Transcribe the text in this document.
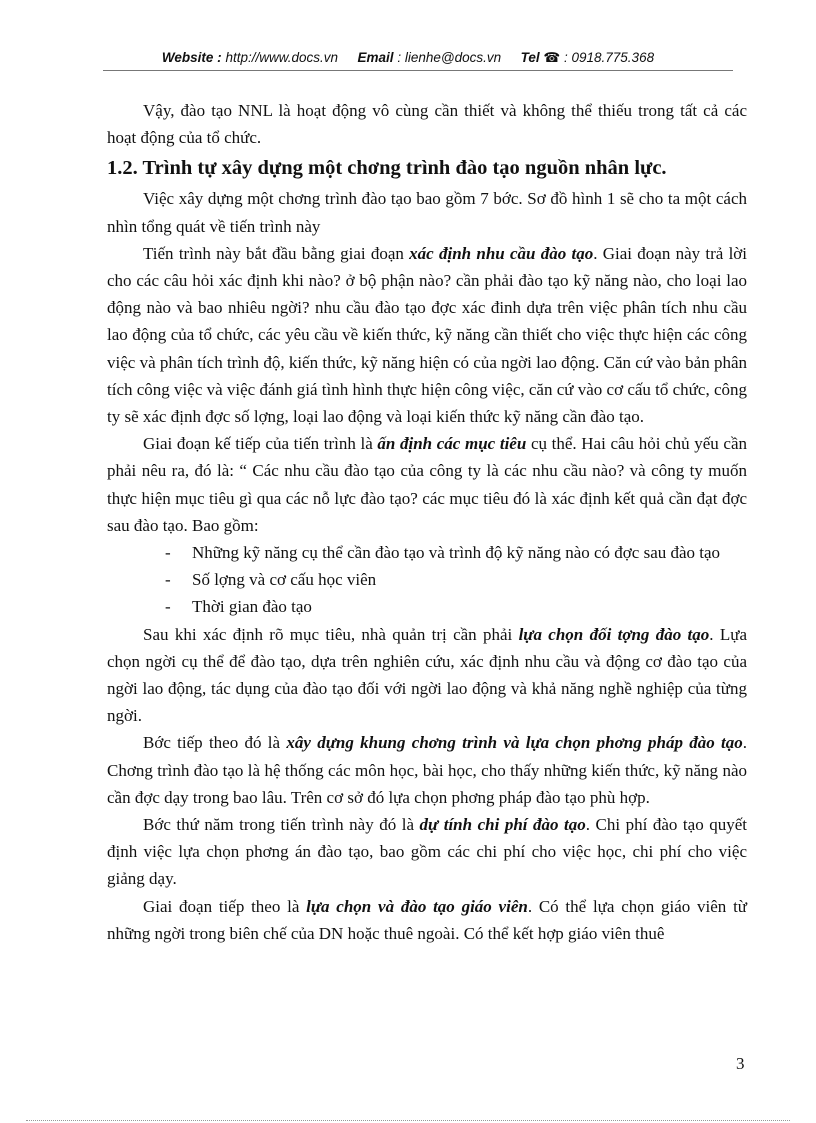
Website : http://www.docs.vn Email : lienhe@docs.vn Tel ☎ : 0918.775.368

Vậy, đào tạo NNL là hoạt động vô cùng cần thiết và không thể thiếu trong tất cả các hoạt động của tổ chức.

1.2. Trình tự xây dựng một chơng trình đào tạo nguồn nhân lực.

Việc xây dựng một chơng trình đào tạo bao gồm 7 bớc. Sơ đồ hình 1 sẽ cho ta một cách nhìn tổng quát về tiến trình này

Tiến trình này bắt đầu bằng giai đoạn xác định nhu cầu đào tạo. Giai đoạn này trả lời cho các câu hỏi xác định khi nào? ở bộ phận nào? cần phải đào tạo kỹ năng nào, cho loại lao động nào và bao nhiêu ngời? nhu cầu đào tạo đợc xác đinh dựa trên việc phân tích nhu cầu lao động của tổ chức, các yêu cầu về kiến thức, kỹ năng cần thiết cho việc thực hiện các công việc và phân tích trình độ, kiến thức, kỹ năng hiện có của ngời lao động. Căn cứ vào bản phân tích công việc và việc đánh giá tình hình thực hiện công việc, căn cứ vào cơ cấu tổ chức, công ty sẽ xác định đợc số lợng, loại lao động và loại kiến thức kỹ năng cần đào tạo.

Giai đoạn kế tiếp của tiến trình là ấn định các mục tiêu cụ thể. Hai câu hỏi chủ yếu cần phải nêu ra, đó là: “ Các nhu cầu đào tạo của công ty là các nhu cầu nào? và công ty muốn thực hiện mục tiêu gì qua các nỗ lực đào tạo? các mục tiêu đó là xác định kết quả cần đạt đợc sau đào tạo. Bao gồm:

- Những kỹ năng cụ thể cần đào tạo và trình độ kỹ năng nào có đợc sau đào tạo
- Số lợng và cơ cấu học viên
- Thời gian đào tạo

Sau khi xác định rõ mục tiêu, nhà quản trị cần phải lựa chọn đối tợng đào tạo. Lựa chọn ngời cụ thể để đào tạo, dựa trên nghiên cứu, xác định nhu cầu và động cơ đào tạo của ngời lao động, tác dụng của đào tạo đối với ngời lao động và khả năng nghề nghiệp của từng ngời.

Bớc tiếp theo đó là xây dựng khung chơng trình và lựa chọn phơng pháp đào tạo. Chơng trình đào tạo là hệ thống các môn học, bài học, cho thấy những kiến thức, kỹ năng nào cần đợc dạy trong bao lâu. Trên cơ sở đó lựa chọn phơng pháp đào tạo phù hợp.

Bớc thứ năm trong tiến trình này đó là dự tính chi phí đào tạo. Chi phí đào tạo quyết định việc lựa chọn phơng án đào tạo, bao gồm các chi phí cho việc học, chi phí cho việc giảng dạy.

Giai đoạn tiếp theo là lựa chọn và đào tạo giáo viên. Có thể lựa chọn giáo viên từ những ngời trong biên chế của DN hoặc thuê ngoài. Có thể kết hợp giáo viên thuê

3
